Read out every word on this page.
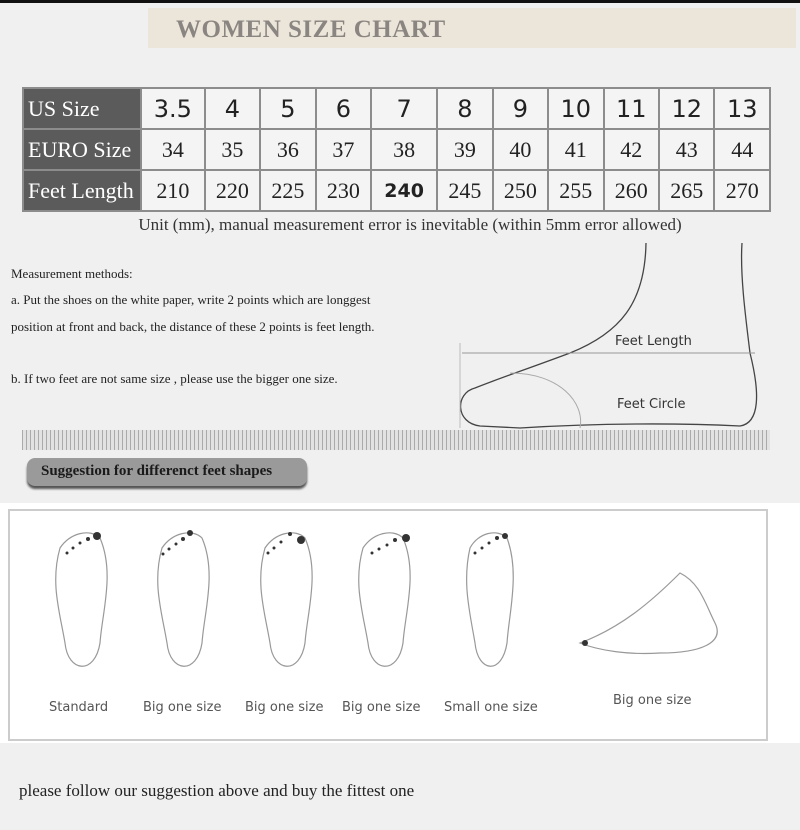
WOMEN SIZE CHART
US Size	3.5	4	5	6	7	8	9	10	11	12	13
EURO Size	34	35	36	37	38	39	40	41	42	43	44
Feet Length	210	220	225	230	240	245	250	255	260	265	270
Unit (mm), manual measurement error is inevitable (within 5mm error allowed)
Measurement methods:
a. Put the shoes on the white paper, write 2 points which are longgest
position at front and back, the distance of these 2 points is feet length.
b. If two feet are not same size , please use the bigger one size.
Feet Length
Feet Circle
Suggestion for differenct feet shapes
Standard	Big one size Big one size Big one size Small one size	Big one size
please follow our suggestion above and buy the fittest one
